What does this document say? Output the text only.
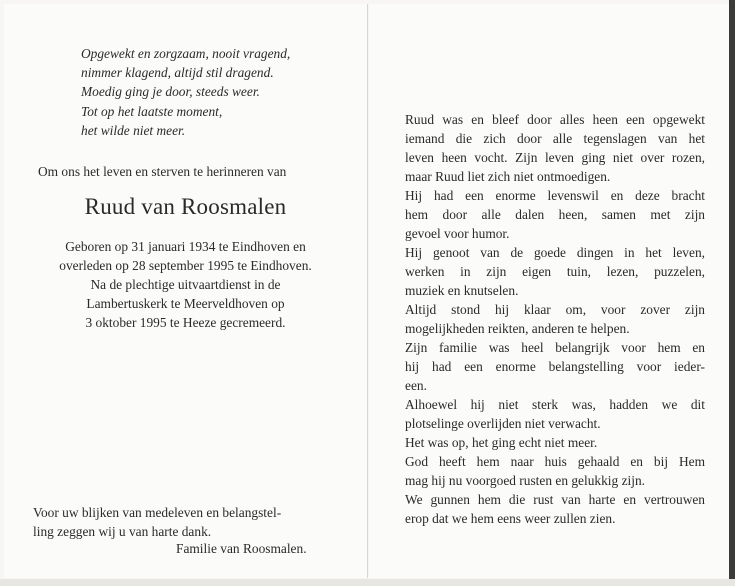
Opgewekt en zorgzaam, nooit vragend,
nimmer klagend, altijd stil dragend.
Moedig ging je door, steeds weer.
Tot op het laatste moment,
het wilde niet meer.
Om ons het leven en sterven te herinneren van
Ruud van Roosmalen
Geboren op 31 januari 1934 te Eindhoven en
overleden op 28 september 1995 te Eindhoven.
Na de plechtige uitvaartdienst in de
Lambertuskerk te Meerveldhoven op
3 oktober 1995 te Heeze gecremeerd.
Voor uw blijken van medeleven en belangstel-
ling zeggen wij u van harte dank.
Familie van Roosmalen.
Ruud was en bleef door alles heen een opgewekt
iemand die zich door alle tegenslagen van het
leven heen vocht. Zijn leven ging niet over rozen,
maar Ruud liet zich niet ontmoedigen.
Hij had een enorme levenswil en deze bracht
hem door alle dalen heen, samen met zijn
gevoel voor humor.
Hij genoot van de goede dingen in het leven,
werken in zijn eigen tuin, lezen, puzzelen,
muziek en knutselen.
Altijd stond hij klaar om, voor zover zijn
mogelijkheden reikten, anderen te helpen.
Zijn familie was heel belangrijk voor hem en
hij had een enorme belangstelling voor ieder-
een.
Alhoewel hij niet sterk was, hadden we dit
plotselinge overlijden niet verwacht.
Het was op, het ging echt niet meer.
God heeft hem naar huis gehaald en bij Hem
mag hij nu voorgoed rusten en gelukkig zijn.
We gunnen hem die rust van harte en vertrouwen
erop dat we hem eens weer zullen zien.
